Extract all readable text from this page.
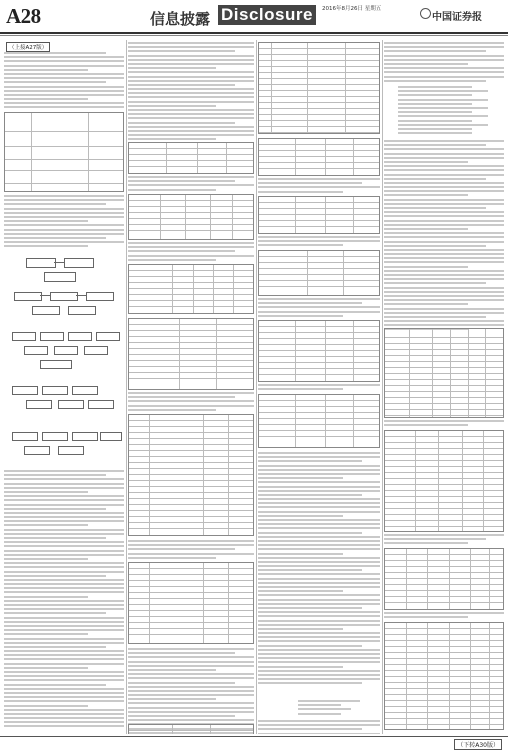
A28	信息披露 Disclosure	2016年8月26日 星期五
中国证券报
（上接A27版）
（下转A30版）
